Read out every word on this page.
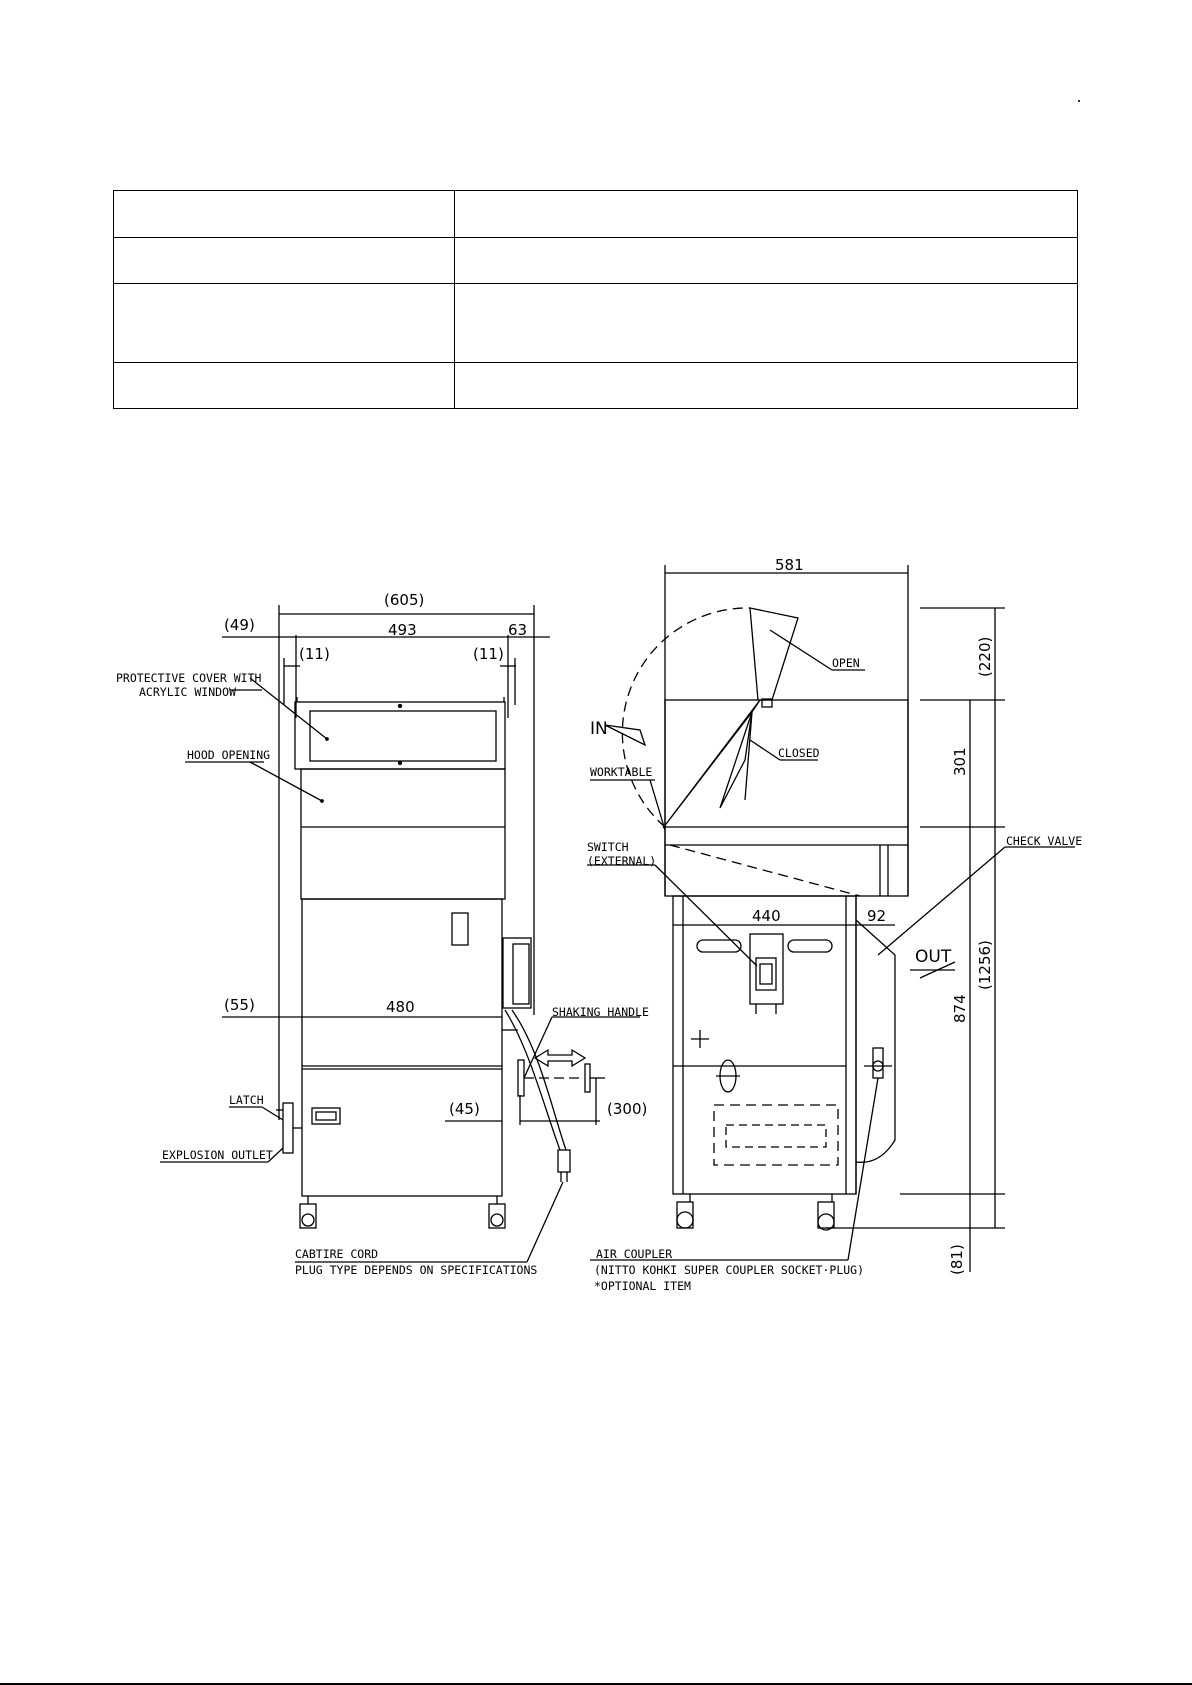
(605)
493
(49)	63
(11)	(11)
480
(55)
(45)	(300)
PROTECTIVE COVER WITH
ACRYLIC WINDOW
HOOD OPENING
SHAKING HANDLE
LATCH
EXPLOSION OUTLET
CABTIRE CORD
PLUG TYPE DEPENDS ON SPECIFICATIONS
581
440	92
(220)
301
(1256)
874
(81)
OPEN
CLOSED
IN
OUT
WORKTABLE
SWITCH
(EXTERNAL)
CHECK VALVE
AIR COUPLER
(NITTO KOHKI SUPER COUPLER SOCKET·PLUG)
*OPTIONAL ITEM
